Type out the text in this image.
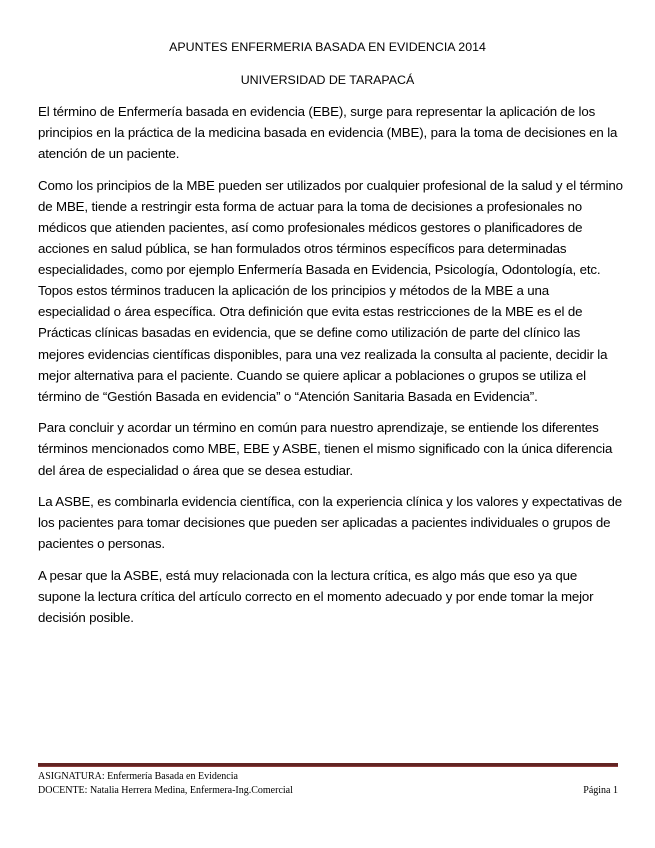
APUNTES ENFERMERIA BASADA EN EVIDENCIA 2014
UNIVERSIDAD DE TARAPACÁ

El término de Enfermería basada en evidencia (EBE), surge para representar la aplicación de los principios en la práctica de la medicina basada en evidencia (MBE), para la toma de decisiones en la atención de un paciente.

Como los principios de la MBE pueden ser utilizados por cualquier profesional de la salud y el término de MBE, tiende a restringir esta forma de actuar para la toma de decisiones a profesionales no médicos que atienden pacientes, así como profesionales médicos gestores o planificadores de acciones en salud pública, se han formulados otros términos específicos para determinadas especialidades, como por ejemplo Enfermería Basada en Evidencia, Psicología, Odontología, etc. Topos estos términos traducen la aplicación de los principios y métodos de la MBE a una especialidad o área específica. Otra definición que evita estas restricciones de la MBE es el de Prácticas clínicas basadas en evidencia, que se define como utilización de parte del clínico las mejores evidencias científicas disponibles, para una vez realizada la consulta al paciente, decidir la mejor alternativa para el paciente. Cuando se quiere aplicar a poblaciones o grupos se utiliza el término de “Gestión Basada en evidencia” o “Atención Sanitaria Basada en Evidencia”.

Para concluir y acordar un término en común para nuestro aprendizaje, se entiende los diferentes términos mencionados como MBE, EBE y ASBE, tienen el mismo significado con la única diferencia del área de especialidad o área que se desea estudiar.

La ASBE, es combinarla evidencia científica, con la experiencia clínica y los valores y expectativas de los pacientes para tomar decisiones que pueden ser aplicadas a pacientes individuales o grupos de pacientes o personas.

A pesar que la ASBE, está muy relacionada con la lectura crítica, es algo más que eso ya que supone la lectura crítica del artículo correcto en el momento adecuado y por ende tomar la mejor decisión posible.

ASIGNATURA: Enfermería Basada en Evidencia
DOCENTE: Natalia Herrera Medina, Enfermera-Ing.Comercial	Página 1
